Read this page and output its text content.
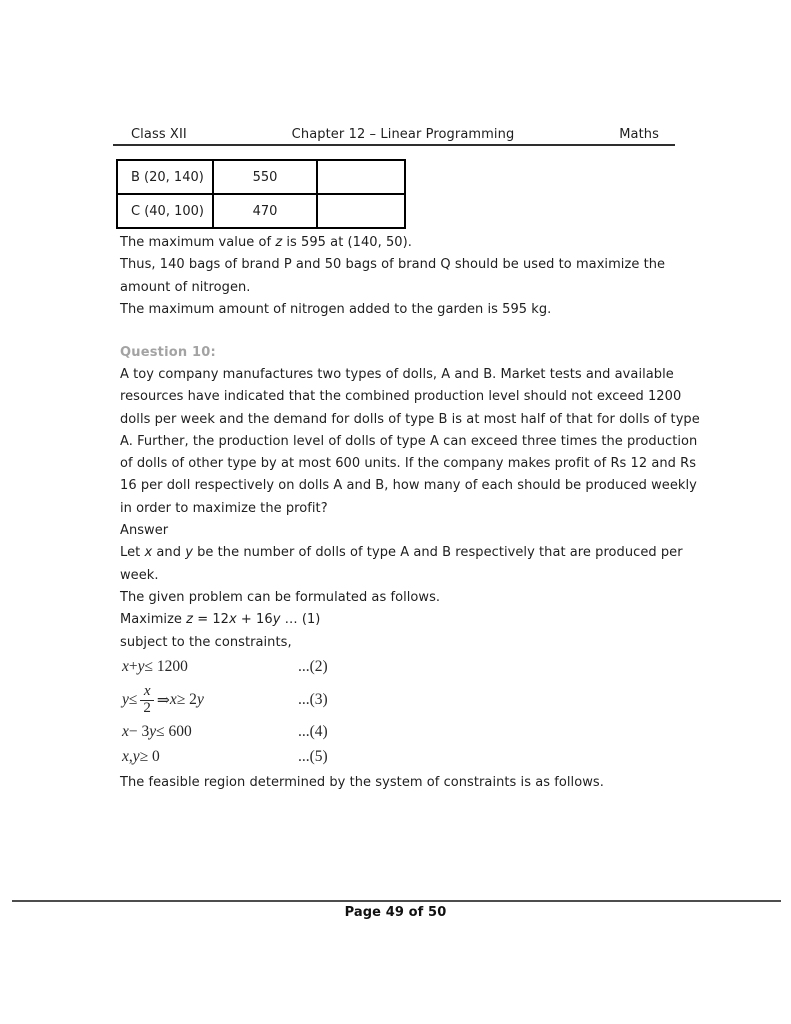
Class XII	Chapter 12 – Linear Programming	Maths
B (20, 140)	550	
C (40, 100)	470	
The maximum value of z is 595 at (140, 50).
Thus, 140 bags of brand P and 50 bags of brand Q should be used to maximize the
amount of nitrogen.
The maximum amount of nitrogen added to the garden is 595 kg.
Question 10:
A toy company manufactures two types of dolls, A and B. Market tests and available
resources have indicated that the combined production level should not exceed 1200
dolls per week and the demand for dolls of type B is at most half of that for dolls of type
A. Further, the production level of dolls of type A can exceed three times the production
of dolls of other type by at most 600 units. If the company makes profit of Rs 12 and Rs
16 per doll respectively on dolls A and B, how many of each should be produced weekly
in order to maximize the profit?
Answer
Let x and y be the number of dolls of type A and B respectively that are produced per
week.
The given problem can be formulated as follows.
Maximize z = 12x + 16y … (1)
subject to the constraints,
x + y ≤ 1200	...(2)
$y \le \frac{x}{2}$ ⇒ x ≥ 2 y	...(3)
x − 3 y ≤ 600	...(4)
x , y ≥ 0	...(5)
The feasible region determined by the system of constraints is as follows.
Page 49 of 50
